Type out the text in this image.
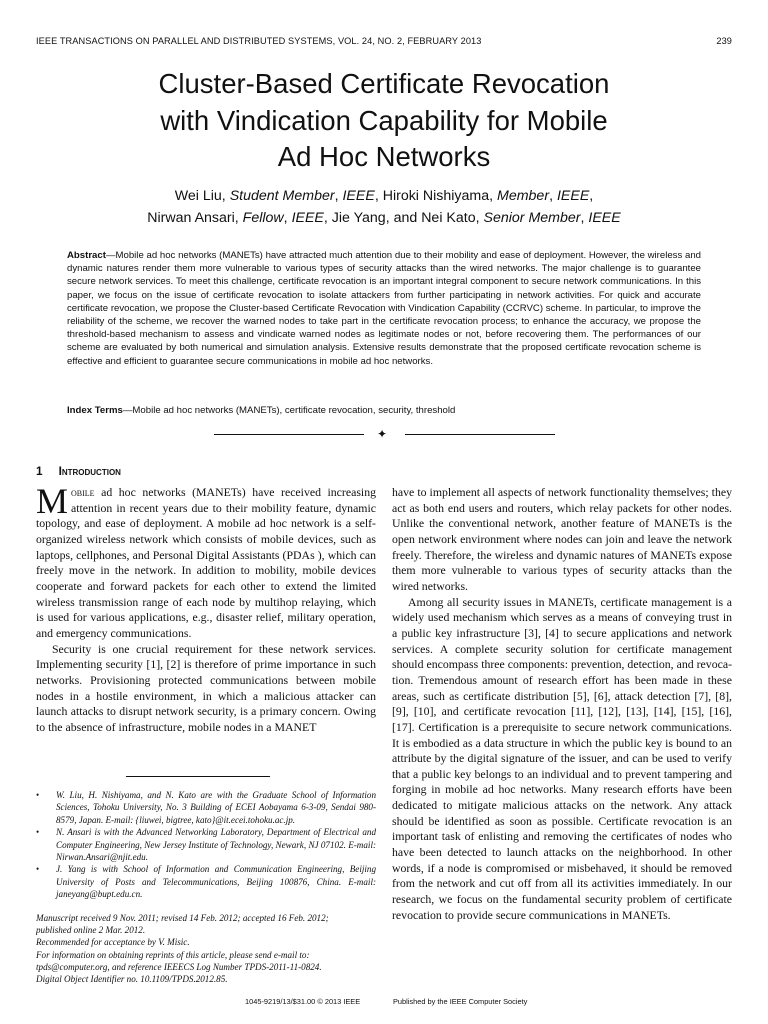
IEEE TRANSACTIONS ON PARALLEL AND DISTRIBUTED SYSTEMS, VOL. 24, NO. 2, FEBRUARY 2013	239
Cluster-Based Certificate Revocation
with Vindication Capability for Mobile
Ad Hoc Networks
Wei Liu, Student Member, IEEE, Hiroki Nishiyama, Member, IEEE,
Nirwan Ansari, Fellow, IEEE, Jie Yang, and Nei Kato, Senior Member, IEEE
Abstract—Mobile ad hoc networks (MANETs) have attracted much attention due to their mobility and ease of deployment. However, the wireless and dynamic natures render them more vulnerable to various types of security attacks than the wired networks. The major challenge is to guarantee secure network services. To meet this challenge, certificate revocation is an important integral component to secure network communications. In this paper, we focus on the issue of certificate revocation to isolate attackers from further participating in network activities. For quick and accurate certificate revocation, we propose the Cluster-based Certificate Revocation with Vindication Capability (CCRVC) scheme. In particular, to improve the reliability of the scheme, we recover the warned nodes to take part in the certificate revocation process; to enhance the accuracy, we propose the threshold-based mechanism to assess and vindicate warned nodes as legitimate nodes or not, before recovering them. The performances of our scheme are evaluated by both numerical and simulation analysis. Extensive results demonstrate that the proposed certificate revocation scheme is effective and efficient to guarantee secure communications in mobile ad hoc networks.
Index Terms—Mobile ad hoc networks (MANETs), certificate revocation, security, threshold
✦
1 Introduction

Mobile ad hoc networks (MANETs) have received increasing attention in recent years due to their mobility feature, dynamic topology, and ease of deployment. A mobile ad hoc network is a self-organized wireless network which consists of mobile devices, such as laptops, cellphones, and Personal Digital Assistants (PDAs ), which can freely move in the network. In addition to mobility, mobile devices cooperate and forward packets for each other to extend the limited wireless transmission range of each node by multihop relaying, which is used for various applications, e.g., disaster relief, military operation, and emergency communications.

Security is one crucial requirement for these network services. Implementing security [1], [2] is therefore of prime importance in such networks. Provisioning protected communications between mobile nodes in a hostile environment, in which a malicious attacker can launch attacks to disrupt network security, is a primary concern. Owing to the absence of infrastructure, mobile nodes in a MANET

have to implement all aspects of network functionality themselves; they act as both end users and routers, which relay packets for other nodes. Unlike the conventional network, another feature of MANETs is the open network environment where nodes can join and leave the network freely. Therefore, the wireless and dynamic natures of MANETs expose them more vulnerable to various types of security attacks than the wired networks.

Among all security issues in MANETs, certificate management is a widely used mechanism which serves as a means of conveying trust in a public key infrastructure [3], [4] to secure applications and network services. A complete security solution for certificate management should encompass three components: prevention, detection, and revocation. Tremendous amount of research effort has been made in these areas, such as certificate distribution [5], [6], attack detection [7], [8], [9], [10], and certificate revocation [11], [12], [13], [14], [15], [16], [17]. Certification is a prerequisite to secure network communications. It is embodied as a data structure in which the public key is bound to an attribute by the digital signature of the issuer, and can be used to verify that a public key belongs to an individual and to prevent tampering and forging in mobile ad hoc networks. Many research efforts have been dedicated to mitigate malicious attacks on the network. Any attack should be identified as soon as possible. Certificate revocation is an important task of enlisting and removing the certificates of nodes who have been detected to launch attacks on the neighborhood. In other words, if a node is compromised or misbehaved, it should be removed from the network and cut off from all its activities immediately. In our research, we focus on the fundamental security problem of certificate revocation to provide secure communications in MANETs.

• W. Liu, H. Nishiyama, and N. Kato are with the Graduate School of Information Sciences, Tohoku University, No. 3 Building of ECEI Aobayama 6-3-09, Sendai 980-8579, Japan. E-mail: {liuwei, bigtree, kato}@it.ecei.tohoku.ac.jp.
• N. Ansari is with the Advanced Networking Laboratory, Department of Electrical and Computer Engineering, New Jersey Institute of Technology, Newark, NJ 07102. E-mail: Nirwan.Ansari@njit.edu.
• J. Yang is with School of Information and Communication Engineering, Beijing University of Posts and Telecommunications, Beijing 100876, China. E-mail: janeyang@bupt.edu.cn.
Manuscript received 9 Nov. 2011; revised 14 Feb. 2012; accepted 16 Feb. 2012;
published online 2 Mar. 2012.
Recommended for acceptance by V. Misic.
For information on obtaining reprints of this article, please send e-mail to:
tpds@computer.org, and reference IEEECS Log Number TPDS-2011-11-0824.
Digital Object Identifier no. 10.1109/TPDS.2012.85.
1045-9219/13/$31.00 © 2013 IEEE	Published by the IEEE Computer Society
